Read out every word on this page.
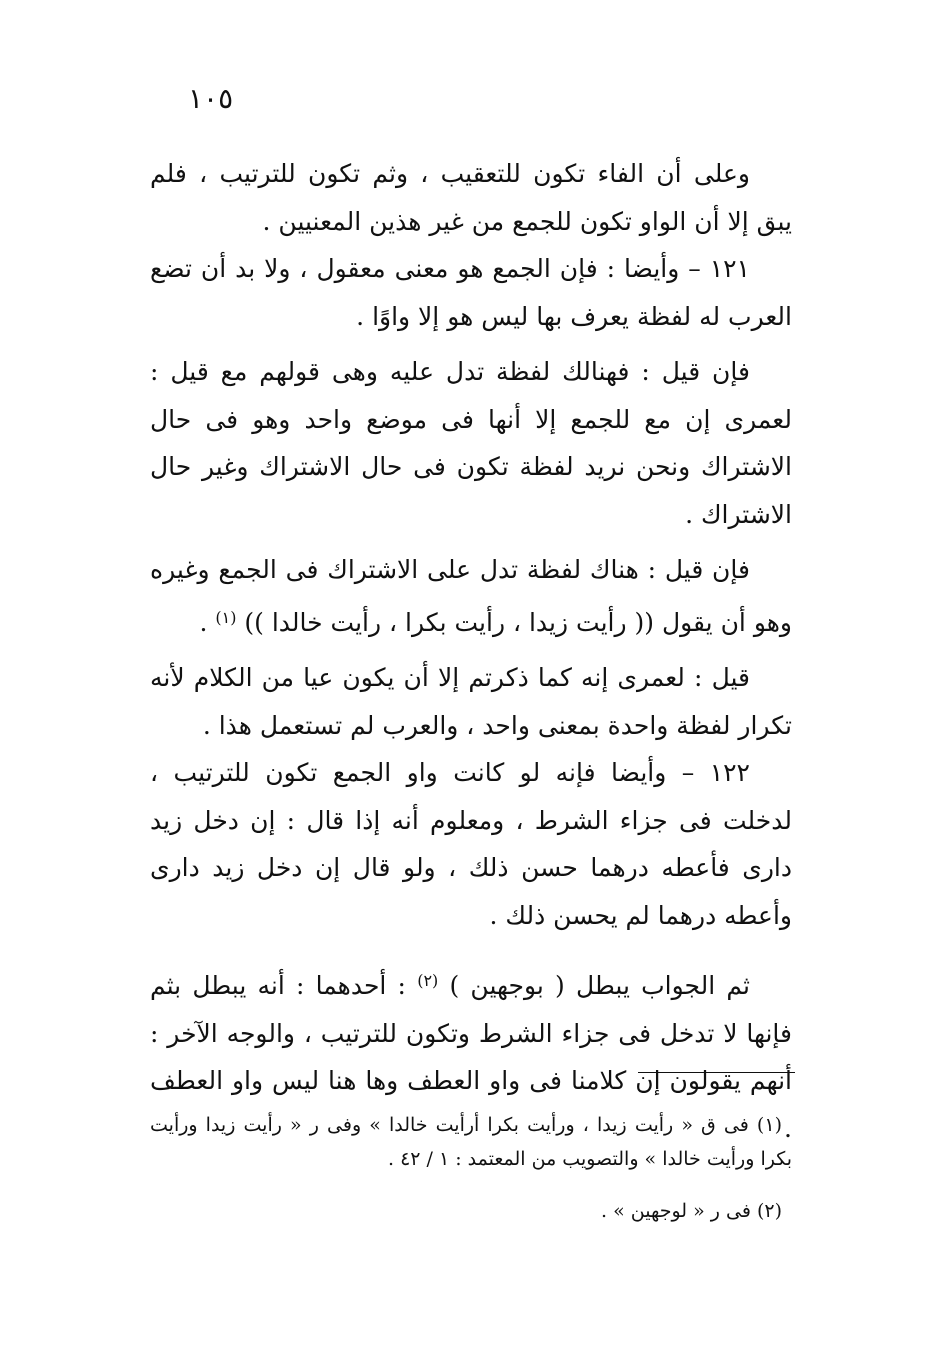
١٠٥

وعلى أن الفاء تكون للتعقيب ، وثم تكون للترتيب ، فلم يبق إلا أن الواو تكون للجمع من غير هذين المعنيين .

١٢١ – وأيضا : فإن الجمع هو معنى معقول ، ولا بد أن تضع العرب له لفظة يعرف بها ليس هو إلا واوًا .

فإن قيل : فهنالك لفظة تدل عليه وهى قولهم مع قيل : لعمرى إن مع للجمع إلا أنها فى موضع واحد وهو فى حال الاشتراك ونحن نريد لفظة تكون فى حال الاشتراك وغير حال الاشتراك .

فإن قيل : هناك لفظة تدل على الاشتراك فى الجمع وغيره وهو أن يقول (( رأيت زيدا ، رأيت بكرا ، رأيت خالدا )) $^{(١)}$ .

قيل : لعمرى إنه كما ذكرتم إلا أن يكون عيا من الكلام لأنه تكرار لفظة واحدة بمعنى واحد ، والعرب لم تستعمل هذا .

١٢٢ – وأيضا فإنه لو كانت واو الجمع تكون للترتيب ، لدخلت فى جزاء الشرط ، ومعلوم أنه إذا قال : إن دخل زيد دارى فأعطه درهما حسن ذلك ، ولو قال إن دخل زيد دارى وأعطه درهما لم يحسن ذلك .

ثم الجواب يبطل ( بوجهين ) $^{(٢)}$ : أحدهما : أنه يبطل بثم فإنها لا تدخل فى جزاء الشرط وتكون للترتيب ، والوجه الآخر : أنهم يقولون إن كلامنا فى واو العطف وها هنا ليس واو العطف .

(١) فى ق « رأيت زيدا ، ورأيت بكرا أرأيت خالدا » وفى ر « رأيت زيدا ورأيت بكرا ورأيت خالدا » والتصويب من المعتمد : ١ / ٤٢ .

(٢) فى ر « لوجهين » .
